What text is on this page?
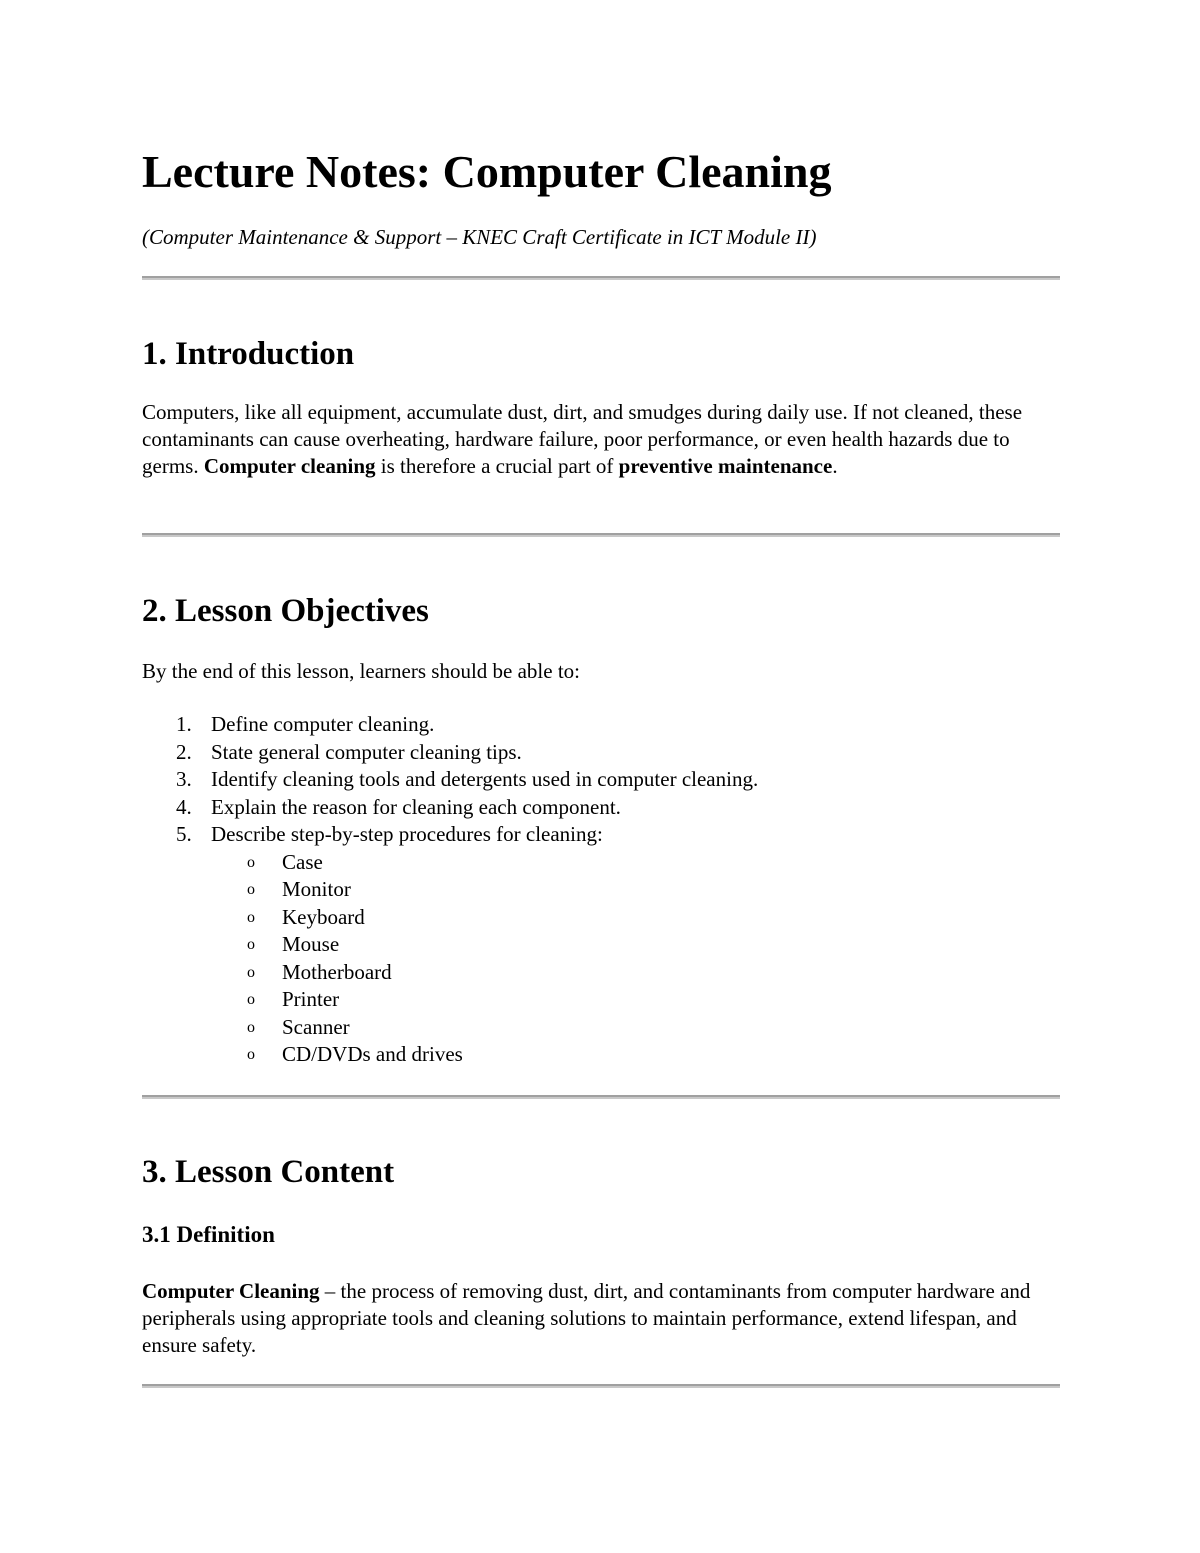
Lecture Notes: Computer Cleaning

(Computer Maintenance & Support – KNEC Craft Certificate in ICT Module II)

1. Introduction

Computers, like all equipment, accumulate dust, dirt, and smudges during daily use. If not cleaned, these contaminants can cause overheating, hardware failure, poor performance, or even health hazards due to germs. Computer cleaning is therefore a crucial part of preventive maintenance.

2. Lesson Objectives

By the end of this lesson, learners should be able to:

1. Define computer cleaning.
2. State general computer cleaning tips.
3. Identify cleaning tools and detergents used in computer cleaning.
4. Explain the reason for cleaning each component.
5. Describe step-by-step procedures for cleaning:
o Case
o Monitor
o Keyboard
o Mouse
o Motherboard
o Printer
o Scanner
o CD/DVDs and drives
3. Lesson Content
3.1 Definition

Computer Cleaning – the process of removing dust, dirt, and contaminants from computer hardware and peripherals using appropriate tools and cleaning solutions to maintain performance, extend lifespan, and ensure safety.
